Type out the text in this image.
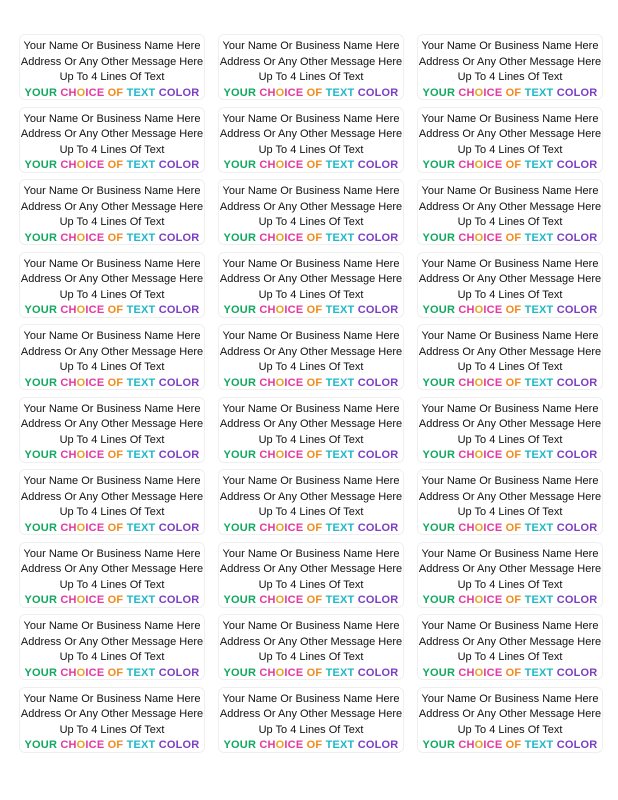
Your Name Or Business Name Here
Address Or Any Other Message Here
Up To 4 Lines Of Text
YOUR CHOICE OF TEXT COLOR
Your Name Or Business Name Here
Address Or Any Other Message Here
Up To 4 Lines Of Text
YOUR CHOICE OF TEXT COLOR
Your Name Or Business Name Here
Address Or Any Other Message Here
Up To 4 Lines Of Text
YOUR CHOICE OF TEXT COLOR
Your Name Or Business Name Here
Address Or Any Other Message Here
Up To 4 Lines Of Text
YOUR CHOICE OF TEXT COLOR
Your Name Or Business Name Here
Address Or Any Other Message Here
Up To 4 Lines Of Text
YOUR CHOICE OF TEXT COLOR
Your Name Or Business Name Here
Address Or Any Other Message Here
Up To 4 Lines Of Text
YOUR CHOICE OF TEXT COLOR
Your Name Or Business Name Here
Address Or Any Other Message Here
Up To 4 Lines Of Text
YOUR CHOICE OF TEXT COLOR
Your Name Or Business Name Here
Address Or Any Other Message Here
Up To 4 Lines Of Text
YOUR CHOICE OF TEXT COLOR
Your Name Or Business Name Here
Address Or Any Other Message Here
Up To 4 Lines Of Text
YOUR CHOICE OF TEXT COLOR
Your Name Or Business Name Here
Address Or Any Other Message Here
Up To 4 Lines Of Text
YOUR CHOICE OF TEXT COLOR
Your Name Or Business Name Here
Address Or Any Other Message Here
Up To 4 Lines Of Text
YOUR CHOICE OF TEXT COLOR
Your Name Or Business Name Here
Address Or Any Other Message Here
Up To 4 Lines Of Text
YOUR CHOICE OF TEXT COLOR
Your Name Or Business Name Here
Address Or Any Other Message Here
Up To 4 Lines Of Text
YOUR CHOICE OF TEXT COLOR
Your Name Or Business Name Here
Address Or Any Other Message Here
Up To 4 Lines Of Text
YOUR CHOICE OF TEXT COLOR
Your Name Or Business Name Here
Address Or Any Other Message Here
Up To 4 Lines Of Text
YOUR CHOICE OF TEXT COLOR
Your Name Or Business Name Here
Address Or Any Other Message Here
Up To 4 Lines Of Text
YOUR CHOICE OF TEXT COLOR
Your Name Or Business Name Here
Address Or Any Other Message Here
Up To 4 Lines Of Text
YOUR CHOICE OF TEXT COLOR
Your Name Or Business Name Here
Address Or Any Other Message Here
Up To 4 Lines Of Text
YOUR CHOICE OF TEXT COLOR
Your Name Or Business Name Here
Address Or Any Other Message Here
Up To 4 Lines Of Text
YOUR CHOICE OF TEXT COLOR
Your Name Or Business Name Here
Address Or Any Other Message Here
Up To 4 Lines Of Text
YOUR CHOICE OF TEXT COLOR
Your Name Or Business Name Here
Address Or Any Other Message Here
Up To 4 Lines Of Text
YOUR CHOICE OF TEXT COLOR
Your Name Or Business Name Here
Address Or Any Other Message Here
Up To 4 Lines Of Text
YOUR CHOICE OF TEXT COLOR
Your Name Or Business Name Here
Address Or Any Other Message Here
Up To 4 Lines Of Text
YOUR CHOICE OF TEXT COLOR
Your Name Or Business Name Here
Address Or Any Other Message Here
Up To 4 Lines Of Text
YOUR CHOICE OF TEXT COLOR
Your Name Or Business Name Here
Address Or Any Other Message Here
Up To 4 Lines Of Text
YOUR CHOICE OF TEXT COLOR
Your Name Or Business Name Here
Address Or Any Other Message Here
Up To 4 Lines Of Text
YOUR CHOICE OF TEXT COLOR
Your Name Or Business Name Here
Address Or Any Other Message Here
Up To 4 Lines Of Text
YOUR CHOICE OF TEXT COLOR
Your Name Or Business Name Here
Address Or Any Other Message Here
Up To 4 Lines Of Text
YOUR CHOICE OF TEXT COLOR
Your Name Or Business Name Here
Address Or Any Other Message Here
Up To 4 Lines Of Text
YOUR CHOICE OF TEXT COLOR
Your Name Or Business Name Here
Address Or Any Other Message Here
Up To 4 Lines Of Text
YOUR CHOICE OF TEXT COLOR
